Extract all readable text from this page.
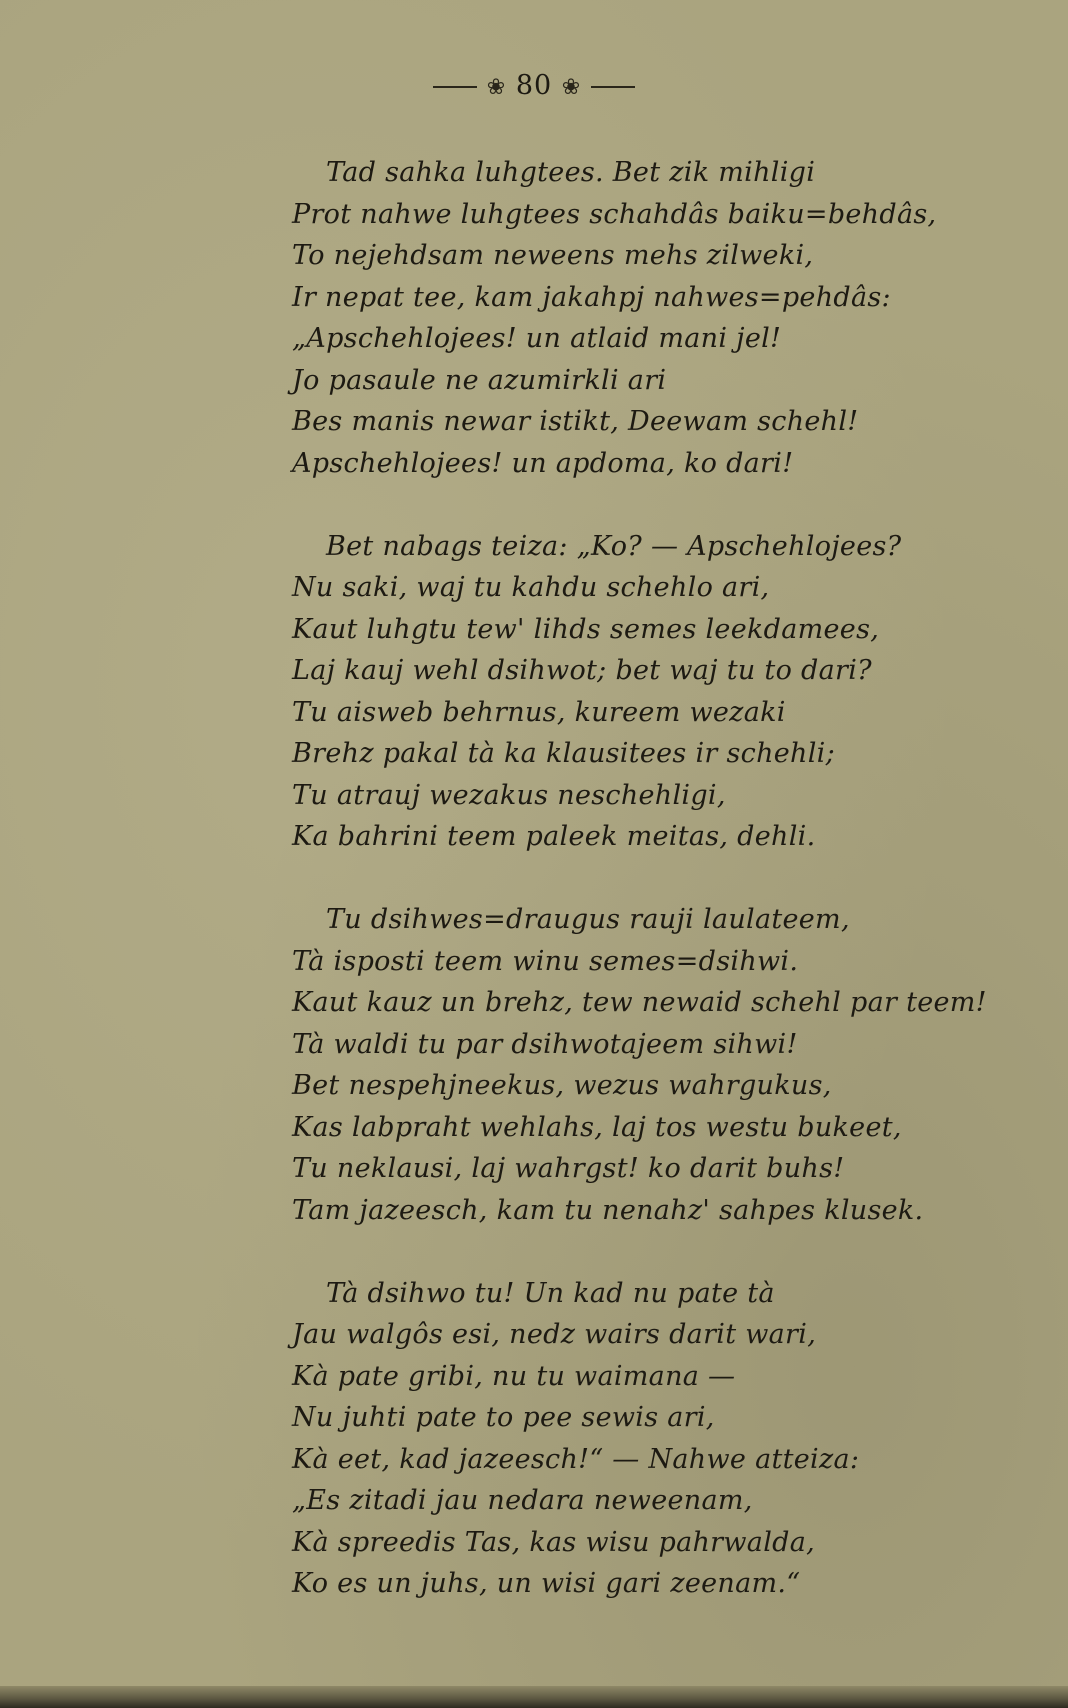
❀ 80 ❀
Tad sahka luhgtees. Bet zik mihligi
Prot nahwe luhgtees schahdâs baiku=behdâs,
To nejehdsam neweens mehs zilweki,
Ir nepat tee, kam jakahpj nahwes=pehdâs:
„Apschehlojees! un atlaid mani jel!
Jo pasaule ne azumirkli ari
Bes manis newar istikt, Deewam schehl!
Apschehlojees! un apdoma, ko dari!
Bet nabags teiza: „Ko? — Apschehlojees?
Nu saki, waj tu kahdu schehlo ari,
Kaut luhgtu tew' lihds semes leekdamees,
Laj kauj wehl dsihwot; bet waj tu to dari?
Tu aisweb behrnus, kureem wezaki
Brehz pakal tà ka klausitees ir schehli;
Tu atrauj wezakus neschehligi,
Ka bahrini teem paleek meitas, dehli.
Tu dsihwes=draugus rauji laulateem,
Tà isposti teem winu semes=dsihwi.
Kaut kauz un brehz, tew newaid schehl par teem!
Tà waldi tu par dsihwotajeem sihwi!
Bet nespehjneekus, wezus wahrgukus,
Kas labpraht wehlahs, laj tos westu bukeet,
Tu neklausi, laj wahrgst! ko darit buhs!
Tam jazeesch, kam tu nenahz' sahpes klusek.
Tà dsihwo tu! Un kad nu pate tà
Jau walgôs esi, nedz wairs darit wari,
Kà pate gribi, nu tu waimana —
Nu juhti pate to pee sewis ari,
Kà eet, kad jazeesch!“ — Nahwe atteiza:
„Es zitadi jau nedara neweenam,
Kà spreedis Tas, kas wisu pahrwalda,
Ko es un juhs, un wisi gari zeenam.“
